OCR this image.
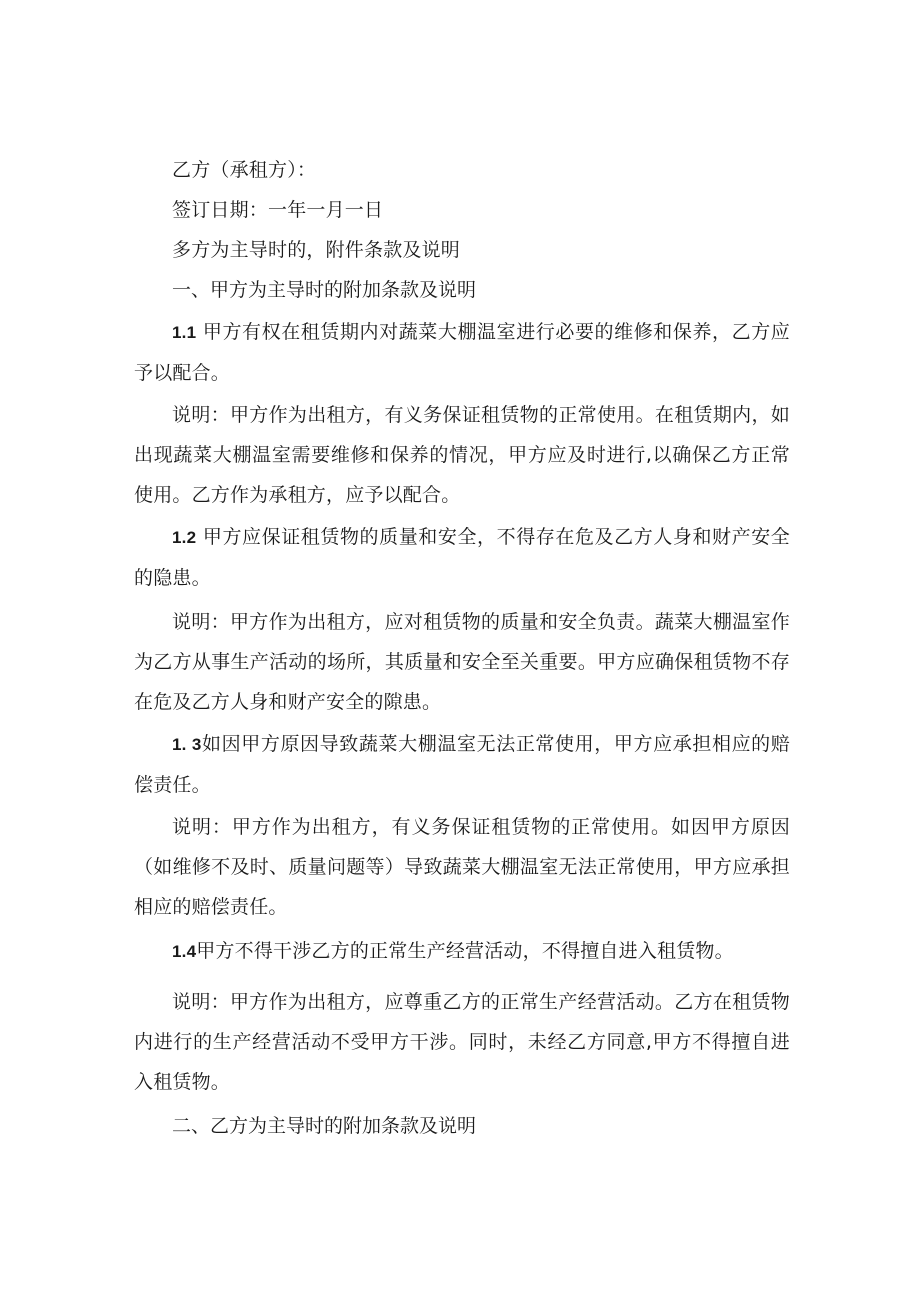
乙方（承租方）：

签订日期：一年一月一日

多方为主导时的，附件条款及说明

一、甲方为主导时的附加条款及说明

1.1 甲方有权在租赁期内对蔬菜大棚温室进行必要的维修和保养，乙方应予以配合。

说明：甲方作为出租方，有义务保证租赁物的正常使用。在租赁期内，如出现蔬菜大棚温室需要维修和保养的情况，甲方应及时进行,以确保乙方正常使用。乙方作为承租方，应予以配合。

1.2 甲方应保证租赁物的质量和安全，不得存在危及乙方人身和财产安全的隐患。

说明：甲方作为出租方，应对租赁物的质量和安全负责。蔬菜大棚温室作为乙方从事生产活动的场所，其质量和安全至关重要。甲方应确保租赁物不存在危及乙方人身和财产安全的隙患。

1. 3如因甲方原因导致蔬菜大棚温室无法正常使用，甲方应承担相应的赔偿责任。

说明：甲方作为出租方，有义务保证租赁物的正常使用。如因甲方原因（如维修不及时、质量问题等）导致蔬菜大棚温室无法正常使用，甲方应承担相应的赔偿责任。

1.4甲方不得干涉乙方的正常生产经营活动，不得擅自进入租赁物。

说明：甲方作为出租方，应尊重乙方的正常生产经营活动。乙方在租赁物内进行的生产经营活动不受甲方干涉。同时，未经乙方同意,甲方不得擅自进入租赁物。

二、乙方为主导时的附加条款及说明
